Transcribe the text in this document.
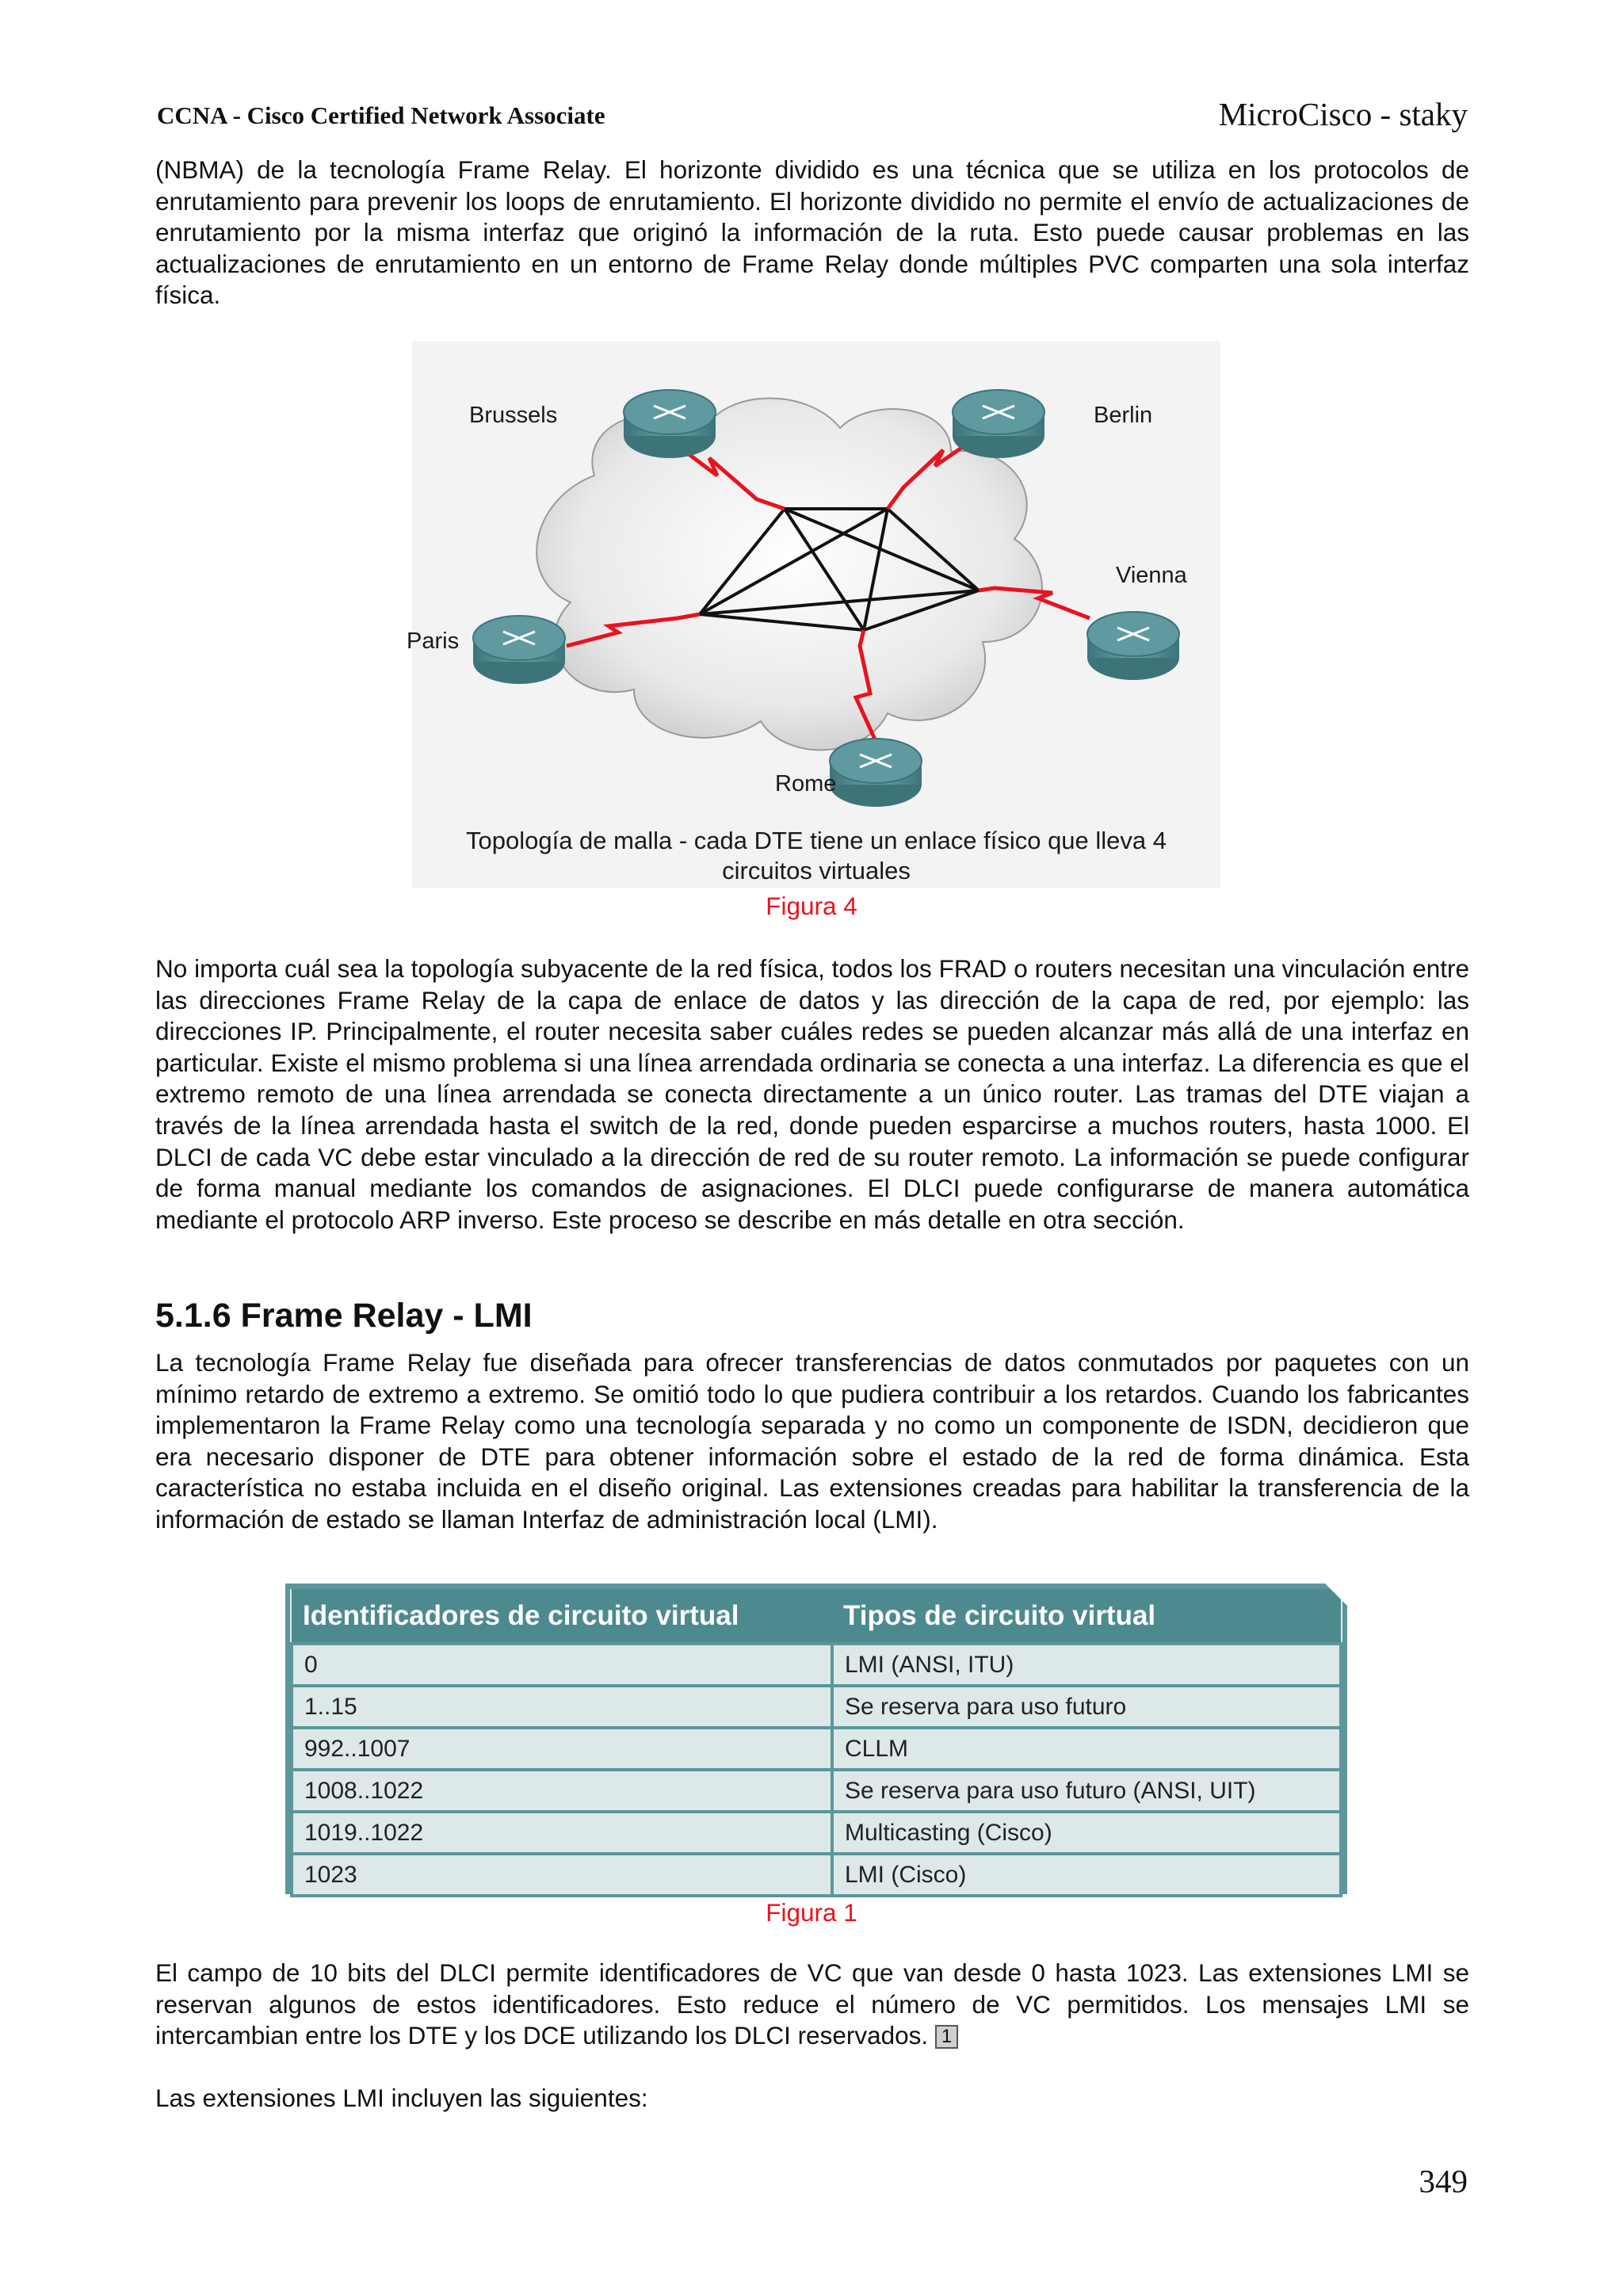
CCNA - Cisco Certified Network Associate	MicroCisco - staky

(NBMA) de la tecnología Frame Relay. El horizonte dividido es una técnica que se utiliza en los protocolos de enrutamiento para prevenir los loops de enrutamiento. El horizonte dividido no permite el envío de actualizaciones de enrutamiento por la misma interfaz que originó la información de la ruta. Esto puede causar problemas en las actualizaciones de enrutamiento en un entorno de Frame Relay donde múltiples PVC comparten una sola interfaz física.

Brussels	Berlin
Vienna
Paris
Rome
Topología de malla - cada DTE tiene un enlace físico que lleva 4
circuitos virtuales
Figura 4

No importa cuál sea la topología subyacente de la red física, todos los FRAD o routers necesitan una vinculación entre las direcciones Frame Relay de la capa de enlace de datos y las dirección de la capa de red, por ejemplo: las direcciones IP. Principalmente, el router necesita saber cuáles redes se pueden alcanzar más allá de una interfaz en particular. Existe el mismo problema si una línea arrendada ordinaria se conecta a una interfaz. La diferencia es que el extremo remoto de una línea arrendada se conecta directamente a un único router. Las tramas del DTE viajan a través de la línea arrendada hasta el switch de la red, donde pueden esparcirse a muchos routers, hasta 1000. El DLCI de cada VC debe estar vinculado a la dirección de red de su router remoto. La información se puede configurar de forma manual mediante los comandos de asignaciones. El DLCI puede configurarse de manera automática mediante el protocolo ARP inverso. Este proceso se describe en más detalle en otra sección.

5.1.6 Frame Relay - LMI

La tecnología Frame Relay fue diseñada para ofrecer transferencias de datos conmutados por paquetes con un mínimo retardo de extremo a extremo. Se omitió todo lo que pudiera contribuir a los retardos. Cuando los fabricantes implementaron la Frame Relay como una tecnología separada y no como un componente de ISDN, decidieron que era necesario disponer de DTE para obtener información sobre el estado de la red de forma dinámica. Esta característica no estaba incluida en el diseño original. Las extensiones creadas para habilitar la transferencia de la información de estado se llaman Interfaz de administración local (LMI).

Identificadores de circuito virtual	Tipos de circuito virtual
0	LMI (ANSI, ITU)
1..15	Se reserva para uso futuro
992..1007	CLLM
1008..1022	Se reserva para uso futuro (ANSI, UIT)
1019..1022	Multicasting (Cisco)
1023	LMI (Cisco)
Figura 1

El campo de 10 bits del DLCI permite identificadores de VC que van desde 0 hasta 1023. Las extensiones LMI se reservan algunos de estos identificadores. Esto reduce el número de VC permitidos. Los mensajes LMI se intercambian entre los DTE y los DCE utilizando los DLCI reservados. 1

Las extensiones LMI incluyen las siguientes:

349
